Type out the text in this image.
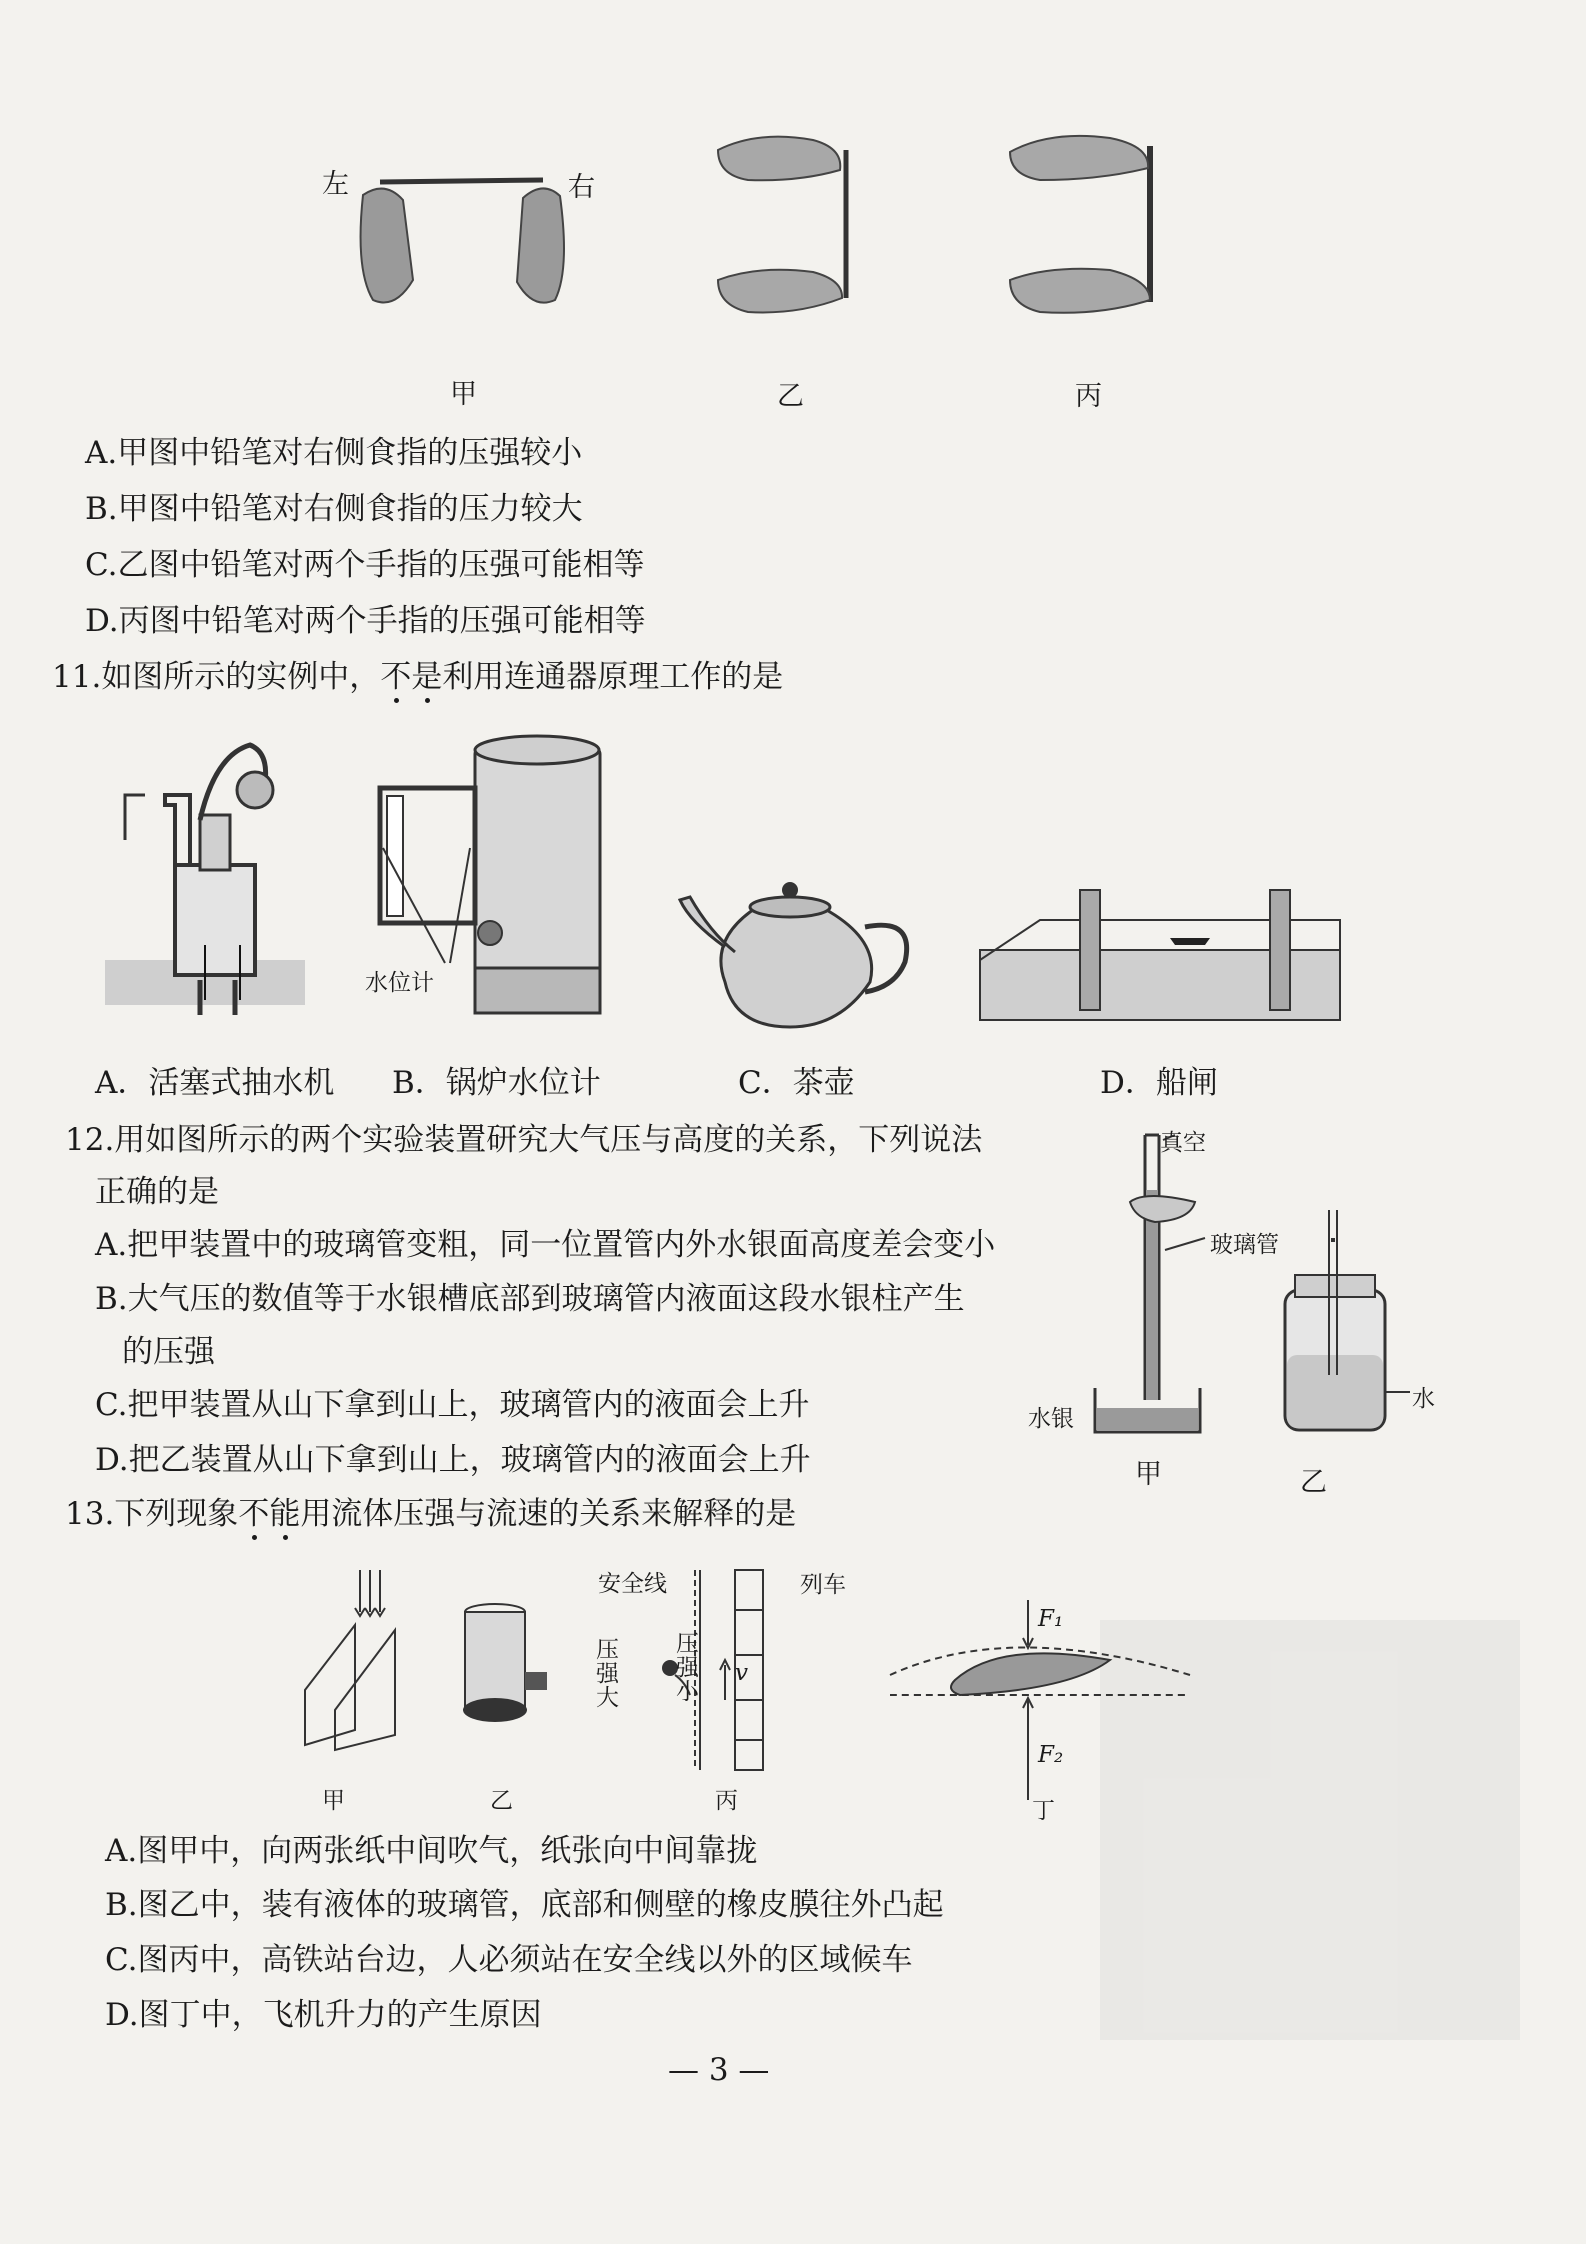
左	右
甲	乙	丙
A.甲图中铅笔对右侧食指的压强较小
B.甲图中铅笔对右侧食指的压力较大
C.乙图中铅笔对两个手指的压强可能相等
D.丙图中铅笔对两个手指的压强可能相等
11.如图所示的实例中，不是利用连通器原理工作的是
水位计
A．活塞式抽水机 B．锅炉水位计	C．茶壶	D．船闸
12.用如图所示的两个实验装置研究大气压与高度的关系，下列说法
正确的是
A.把甲装置中的玻璃管变粗，同一位置管内外水银面高度差会变小
B.大气压的数值等于水银槽底部到玻璃管内液面这段水银柱产生
的压强
C.把甲装置从山下拿到山上，玻璃管内的液面会上升
D.把乙装置从山下拿到山上，玻璃管内的液面会上升
真空
玻璃管
水银
水
甲	乙
13.下列现象不能用流体压强与流速的关系来解释的是
安全线	列车
压强大
压强小
v
F₁
F₂
甲	乙	丙	丁
A.图甲中，向两张纸中间吹气，纸张向中间靠拢
B.图乙中，装有液体的玻璃管，底部和侧壁的橡皮膜往外凸起
C.图丙中，高铁站台边，人必须站在安全线以外的区域候车
D.图丁中，飞机升力的产生原因
— 3 —
